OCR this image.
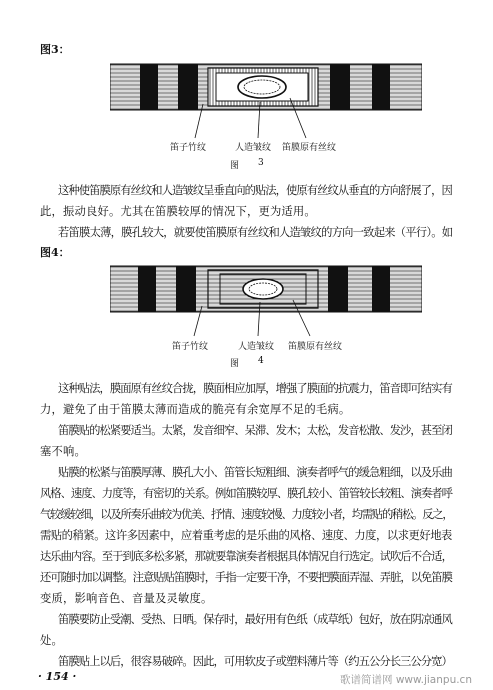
图3：
笛子竹纹	人造皱纹 笛膜原有丝纹
图 3
这种使笛膜原有丝纹和人造皱纹呈垂直向的贴法，使原有丝纹从垂直的方向舒展了，因
此，振动良好。尤其在笛膜较厚的情况下，更为适用。
若笛膜太薄，膜孔较大，就要使笛膜原有丝纹和人造皱纹的方向一致起来（平行）。如
图4：
笛子竹纹	人造皱纹 笛膜原有丝纹
图 4
这种贴法，膜面原有丝纹合拢，膜面相应加厚，增强了膜面的抗震力，笛音即可结实有
力，避免了由于笛膜太薄而造成的脆亮有余宽厚不足的毛病。
笛膜贴的松紧要适当。太紧，发音细窄、呆滞、发木；太松，发音松散、发沙，甚至闭
塞不响。
贴膜的松紧与笛膜厚薄、膜孔大小、笛管长短粗细、演奏者呼气的缓急粗细，以及乐曲
风格、速度、力度等，有密切的关系。例如笛膜较厚、膜孔较小、笛管较长较粗、演奏者呼
气较缓较细，以及所奏乐曲较为优美、抒情、速度较慢、力度较小者，均需贴的稍松。反之，
需贴的稍紧。这许多因素中，应着重考虑的是乐曲的风格、速度、力度，以求更好地表
达乐曲内容。至于到底多松多紧，那就要靠演奏者根据具体情况自行选定。试吹后不合适，
还可随时加以调整。注意贴贴笛膜时，手指一定要干净，不要把膜面弄湿、弄脏，以免笛膜
变质，影响音色、音量及灵敏度。
笛膜要防止受潮、受热、日晒。保存时，最好用有色纸（成草纸）包好，放在阴凉通风
处。
笛膜贴上以后，很容易破碎。因此，可用软皮子或塑料薄片等（约五公分长三公分宽）
· 154 ·	歌谱简谱网 www.jianpu.cn
